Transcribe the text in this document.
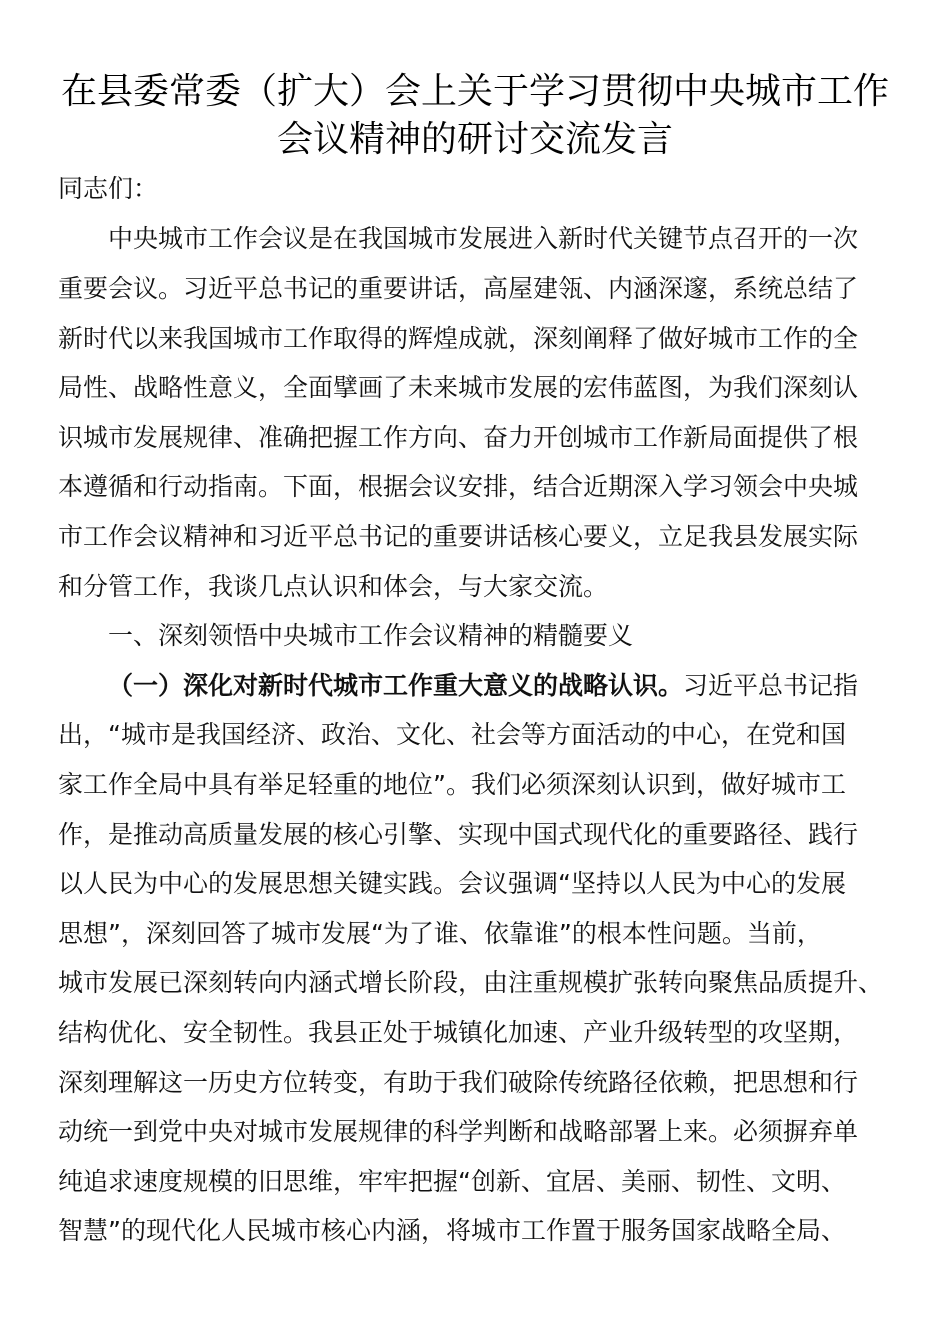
在县委常委（扩大）会上关于学习贯彻中央城市工作
会议精神的研讨交流发言
同志们：
中央城市工作会议是在我国城市发展进入新时代关键节点召开的一次
重要会议。习近平总书记的重要讲话，高屋建瓴、内涵深邃，系统总结了
新时代以来我国城市工作取得的辉煌成就，深刻阐释了做好城市工作的全
局性、战略性意义，全面擘画了未来城市发展的宏伟蓝图，为我们深刻认
识城市发展规律、准确把握工作方向、奋力开创城市工作新局面提供了根
本遵循和行动指南。下面，根据会议安排，结合近期深入学习领会中央城
市工作会议精神和习近平总书记的重要讲话核心要义，立足我县发展实际
和分管工作，我谈几点认识和体会，与大家交流。
一、深刻领悟中央城市工作会议精神的精髓要义
（一）深化对新时代城市工作重大意义的战略认识。习近平总书记指
出，“城市是我国经济、政治、文化、社会等方面活动的中心，在党和国
家工作全局中具有举足轻重的地位”。我们必须深刻认识到，做好城市工
作，是推动高质量发展的核心引擎、实现中国式现代化的重要路径、践行
以人民为中心的发展思想关键实践。会议强调“坚持以人民为中心的发展
思想”，深刻回答了城市发展“为了谁、依靠谁”的根本性问题。当前，
城市发展已深刻转向内涵式增长阶段，由注重规模扩张转向聚焦品质提升、
结构优化、安全韧性。我县正处于城镇化加速、产业升级转型的攻坚期，
深刻理解这一历史方位转变，有助于我们破除传统路径依赖，把思想和行
动统一到党中央对城市发展规律的科学判断和战略部署上来。必须摒弃单
纯追求速度规模的旧思维，牢牢把握“创新、宜居、美丽、韧性、文明、
智慧”的现代化人民城市核心内涵，将城市工作置于服务国家战略全局、
